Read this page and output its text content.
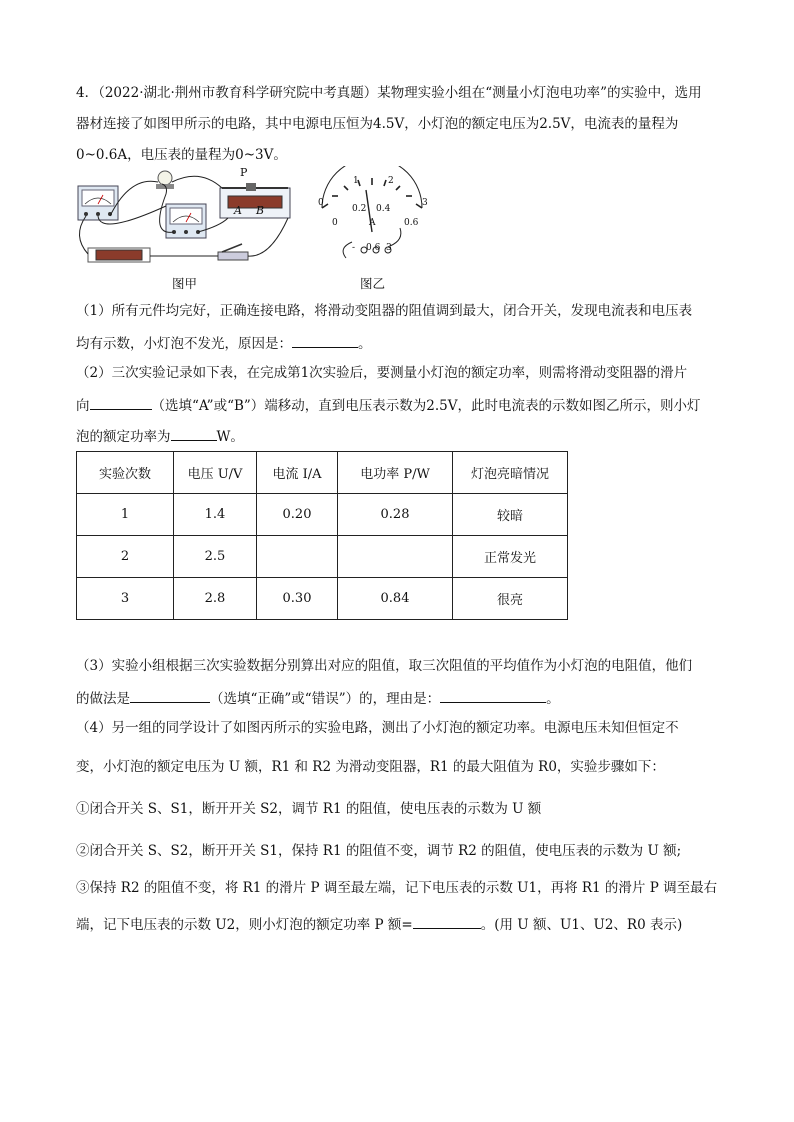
4．（2022·湖北·荆州市教育科学研究院中考真题）某物理实验小组在“测量小灯泡电功率”的实验中，选用
器材连接了如图甲所示的电路，其中电源电压恒为4.5V，小灯泡的额定电压为2.5V，电流表的量程为
0~0.6A，电压表的量程为0~3V。
P
A B
图甲
0
1	2
3
0
0.2 0.4
0.6
A
- 0.6 3
图乙
（1）所有元件均完好，正确连接电路，将滑动变阻器的阻值调到最大，闭合开关，发现电流表和电压表
均有示数，小灯泡不发光，原因是：	。
（2）三次实验记录如下表，在完成第1次实验后，要测量小灯泡的额定功率，则需将滑动变阻器的滑片
向	（选填“A”或“B”）端移动，直到电压表示数为2.5V，此时电流表的示数如图乙所示，则小灯
泡的额定功率为	W。
实验次数	电压 U/V	电流 I/A	电功率 P/W	灯泡亮暗情况
1	1.4	0.20	0.28	较暗
2	2.5			正常发光
3	2.8	0.30	0.84	很亮
（3）实验小组根据三次实验数据分别算出对应的阻值，取三次阻值的平均值作为小灯泡的电阻值，他们
的做法是	（选填“正确”或“错误”）的，理由是：	。
（4）另一组的同学设计了如图丙所示的实验电路，测出了小灯泡的额定功率。电源电压未知但恒定不
变，小灯泡的额定电压为 U 额，R1 和 R2 为滑动变阻器，R1 的最大阻值为 R0，实验步骤如下：
①闭合开关 S、S1，断开开关 S2，调节 R1 的阻值，使电压表的示数为 U 额
②闭合开关 S、S2，断开开关 S1，保持 R1 的阻值不变，调节 R2 的阻值，使电压表的示数为 U 额;
③保持 R2 的阻值不变，将 R1 的滑片 P 调至最左端，记下电压表的示数 U1，再将 R1 的滑片 P 调至最右
端，记下电压表的示数 U2，则小灯泡的额定功率 P 额=	。(用 U 额、U1、U2、R0 表示)
